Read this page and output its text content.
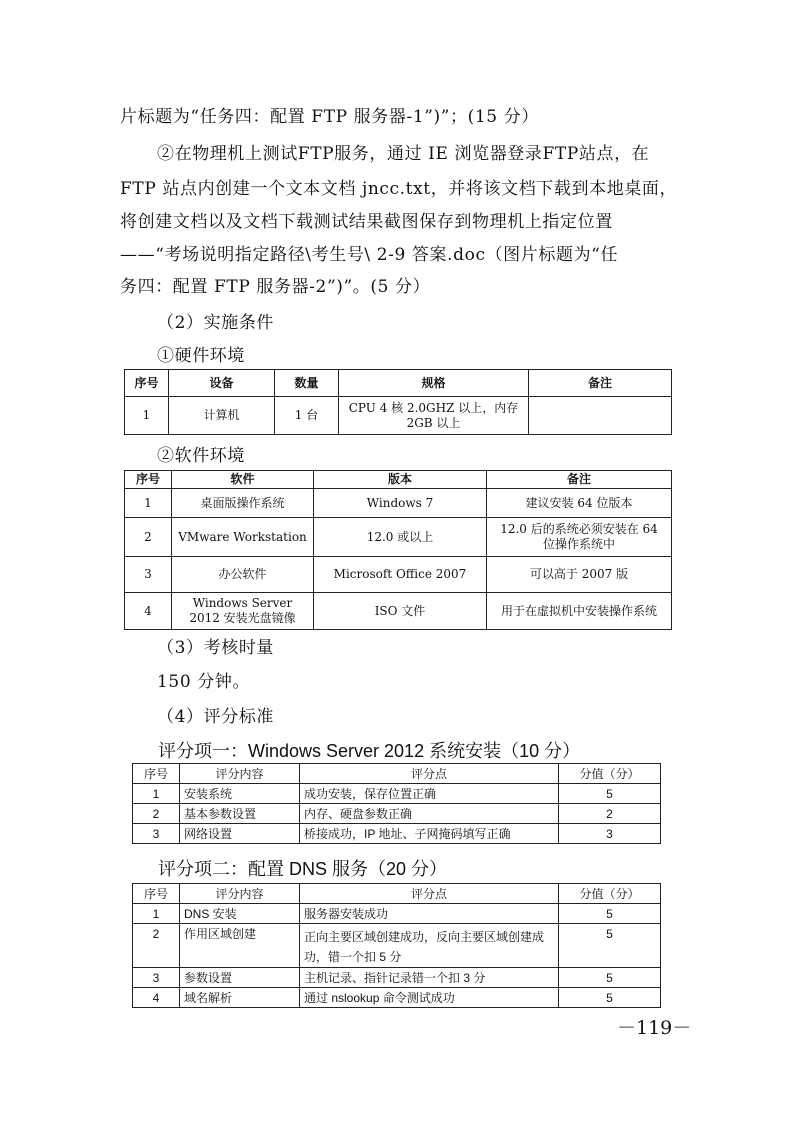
片标题为“任务四：配置 FTP 服务器-1”)”；(15 分）
②在物理机上测试FTP服务，通过 IE 浏览器登录FTP站点，在
FTP 站点内创建一个文本文档 jncc.txt，并将该文档下载到本地桌面，
将创建文档以及文档下载测试结果截图保存到物理机上指定位置
——“考场说明指定路径\考生号\ 2-9 答案.doc（图片标题为“任
务四：配置 FTP 服务器-2”)”。(5 分）
（2）实施条件
①硬件环境
序号	设备	数量	规格	备注
1	计算机	1 台	CPU 4 核 2.0GHZ 以上，内存 2GB 以上	
②软件环境
序号	软件	版本	备注
1	桌面版操作系统	Windows 7	建议安装 64 位版本
2	VMware Workstation	12.0 或以上	12.0 后的系统必须安装在 64 位操作系统中
3	办公软件	Microsoft Office 2007	可以高于 2007 版
4	Windows Server 2012 安装光盘镜像	ISO 文件	用于在虚拟机中安装操作系统
（3）考核时量
150 分钟。
（4）评分标准
评分项一：Windows Server 2012 系统安装（10 分）
序号	评分内容	评分点	分值（分）
1	安装系统	成功安装，保存位置正确	5
2	基本参数设置	内存、硬盘参数正确	2
3	网络设置	桥接成功，IP 地址、子网掩码填写正确	3
评分项二：配置 DNS 服务（20 分）
序号	评分内容	评分点	分值（分）
1	DNS 安装	服务器安装成功	5
2	作用区域创建	正向主要区域创建成功，反向主要区域创建成功，错一个扣 5 分	5
3	参数设置	主机记录、指针记录错一个扣 3 分	5
4	域名解析	通过 nslookup 命令测试成功	5
－119－
